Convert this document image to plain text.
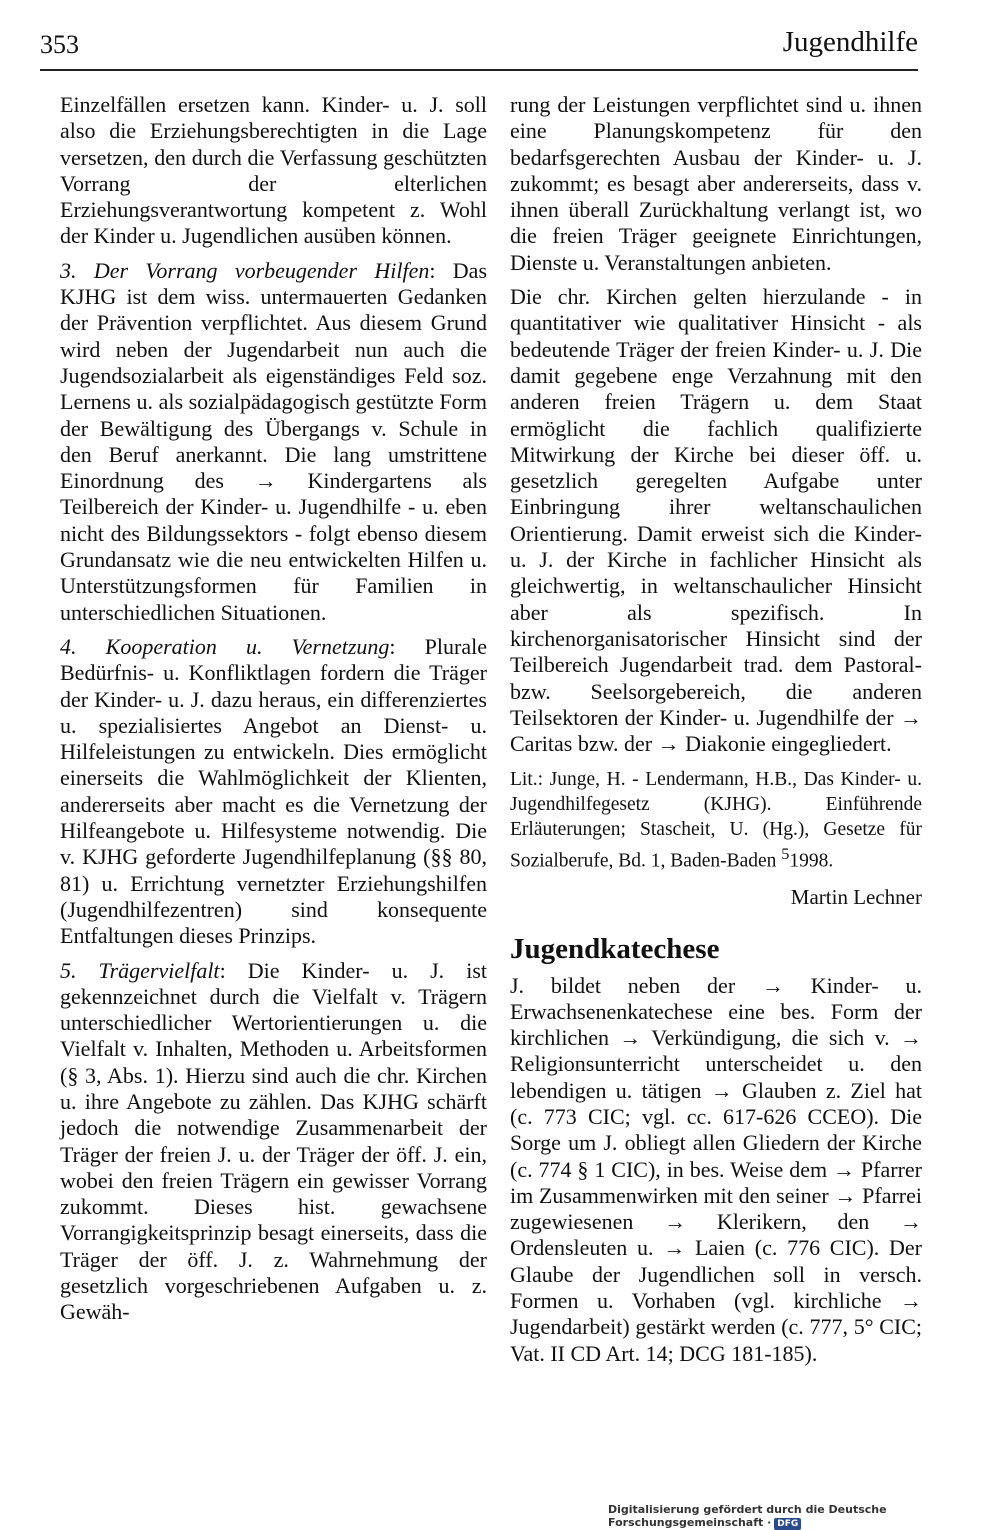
353	Jugendhilfe

Einzelfällen ersetzen kann. Kinder- u. J. soll also die Erziehungsberechtigten in die Lage versetzen, den durch die Verfassung geschützten Vorrang der elterlichen Erziehungsverantwortung kompetent z. Wohl der Kinder u. Jugendlichen ausüben können.

3. Der Vorrang vorbeugender Hilfen: Das KJHG ist dem wiss. untermauerten Gedanken der Prävention verpflichtet. Aus diesem Grund wird neben der Jugendarbeit nun auch die Jugendsozialarbeit als eigenständiges Feld soz. Lernens u. als sozialpädagogisch gestützte Form der Bewältigung des Übergangs v. Schule in den Beruf anerkannt. Die lang umstrittene Einordnung des → Kindergartens als Teilbereich der Kinder- u. Jugendhilfe - u. eben nicht des Bildungssektors - folgt ebenso diesem Grundansatz wie die neu entwickelten Hilfen u. Unterstützungsformen für Familien in unterschiedlichen Situationen.

4. Kooperation u. Vernetzung: Plurale Bedürfnis- u. Konfliktlagen fordern die Träger der Kinder- u. J. dazu heraus, ein differenziertes u. spezialisiertes Angebot an Dienst- u. Hilfeleistungen zu entwickeln. Dies ermöglicht einerseits die Wahlmöglichkeit der Klienten, andererseits aber macht es die Vernetzung der Hilfeangebote u. Hilfesysteme notwendig. Die v. KJHG geforderte Jugendhilfeplanung (§§ 80, 81) u. Errichtung vernetzter Erziehungshilfen (Jugendhilfezentren) sind konsequente Entfaltungen dieses Prinzips.

5. Trägervielfalt: Die Kinder- u. J. ist gekennzeichnet durch die Vielfalt v. Trägern unterschiedlicher Wertorientierungen u. die Vielfalt v. Inhalten, Methoden u. Arbeitsformen (§ 3, Abs. 1). Hierzu sind auch die chr. Kirchen u. ihre Angebote zu zählen. Das KJHG schärft jedoch die notwendige Zusammenarbeit der Träger der freien J. u. der Träger der öff. J. ein, wobei den freien Trägern ein gewisser Vorrang zukommt. Dieses hist. gewachsene Vorrangigkeitsprinzip besagt einerseits, dass die Träger der öff. J. z. Wahrnehmung der gesetzlich vorgeschriebenen Aufgaben u. z. Gewäh-

rung der Leistungen verpflichtet sind u. ihnen eine Planungskompetenz für den bedarfsgerechten Ausbau der Kinder- u. J. zukommt; es besagt aber andererseits, dass v. ihnen überall Zurückhaltung verlangt ist, wo die freien Träger geeignete Einrichtungen, Dienste u. Veranstaltungen anbieten.

Die chr. Kirchen gelten hierzulande - in quantitativer wie qualitativer Hinsicht - als bedeutende Träger der freien Kinder- u. J. Die damit gegebene enge Verzahnung mit den anderen freien Trägern u. dem Staat ermöglicht die fachlich qualifizierte Mitwirkung der Kirche bei dieser öff. u. gesetzlich geregelten Aufgabe unter Einbringung ihrer weltanschaulichen Orientierung. Damit erweist sich die Kinder- u. J. der Kirche in fachlicher Hinsicht als gleichwertig, in weltanschaulicher Hinsicht aber als spezifisch. In kirchenorganisatorischer Hinsicht sind der Teilbereich Jugendarbeit trad. dem Pastoral- bzw. Seelsorgebereich, die anderen Teilsektoren der Kinder- u. Jugendhilfe der → Caritas bzw. der → Diakonie eingegliedert.

Lit.: Junge, H. - Lendermann, H.B., Das Kinder- u. Jugendhilfegesetz (KJHG). Einführende Erläuterungen; Stascheit, U. (Hg.), Gesetze für Sozialberufe, Bd. 1, Baden-Baden $^5$1998.

Martin Lechner

Jugendkatechese

J. bildet neben der → Kinder- u. Erwachsenenkatechese eine bes. Form der kirchlichen → Verkündigung, die sich v. → Religionsunterricht unterscheidet u. den lebendigen u. tätigen → Glauben z. Ziel hat (c. 773 CIC; vgl. cc. 617-626 CCEO). Die Sorge um J. obliegt allen Gliedern der Kirche (c. 774 § 1 CIC), in bes. Weise dem → Pfarrer im Zusammenwirken mit den seiner → Pfarrei zugewiesenen → Klerikern, den → Ordensleuten u. → Laien (c. 776 CIC). Der Glaube der Jugendlichen soll in versch. Formen u. Vorhaben (vgl. kirchliche → Jugendarbeit) gestärkt werden (c. 777, 5° CIC; Vat. II CD Art. 14; DCG 181-185).

Digitalisierung gefördert durch die Deutsche Forschungsgemeinschaft · DFG
